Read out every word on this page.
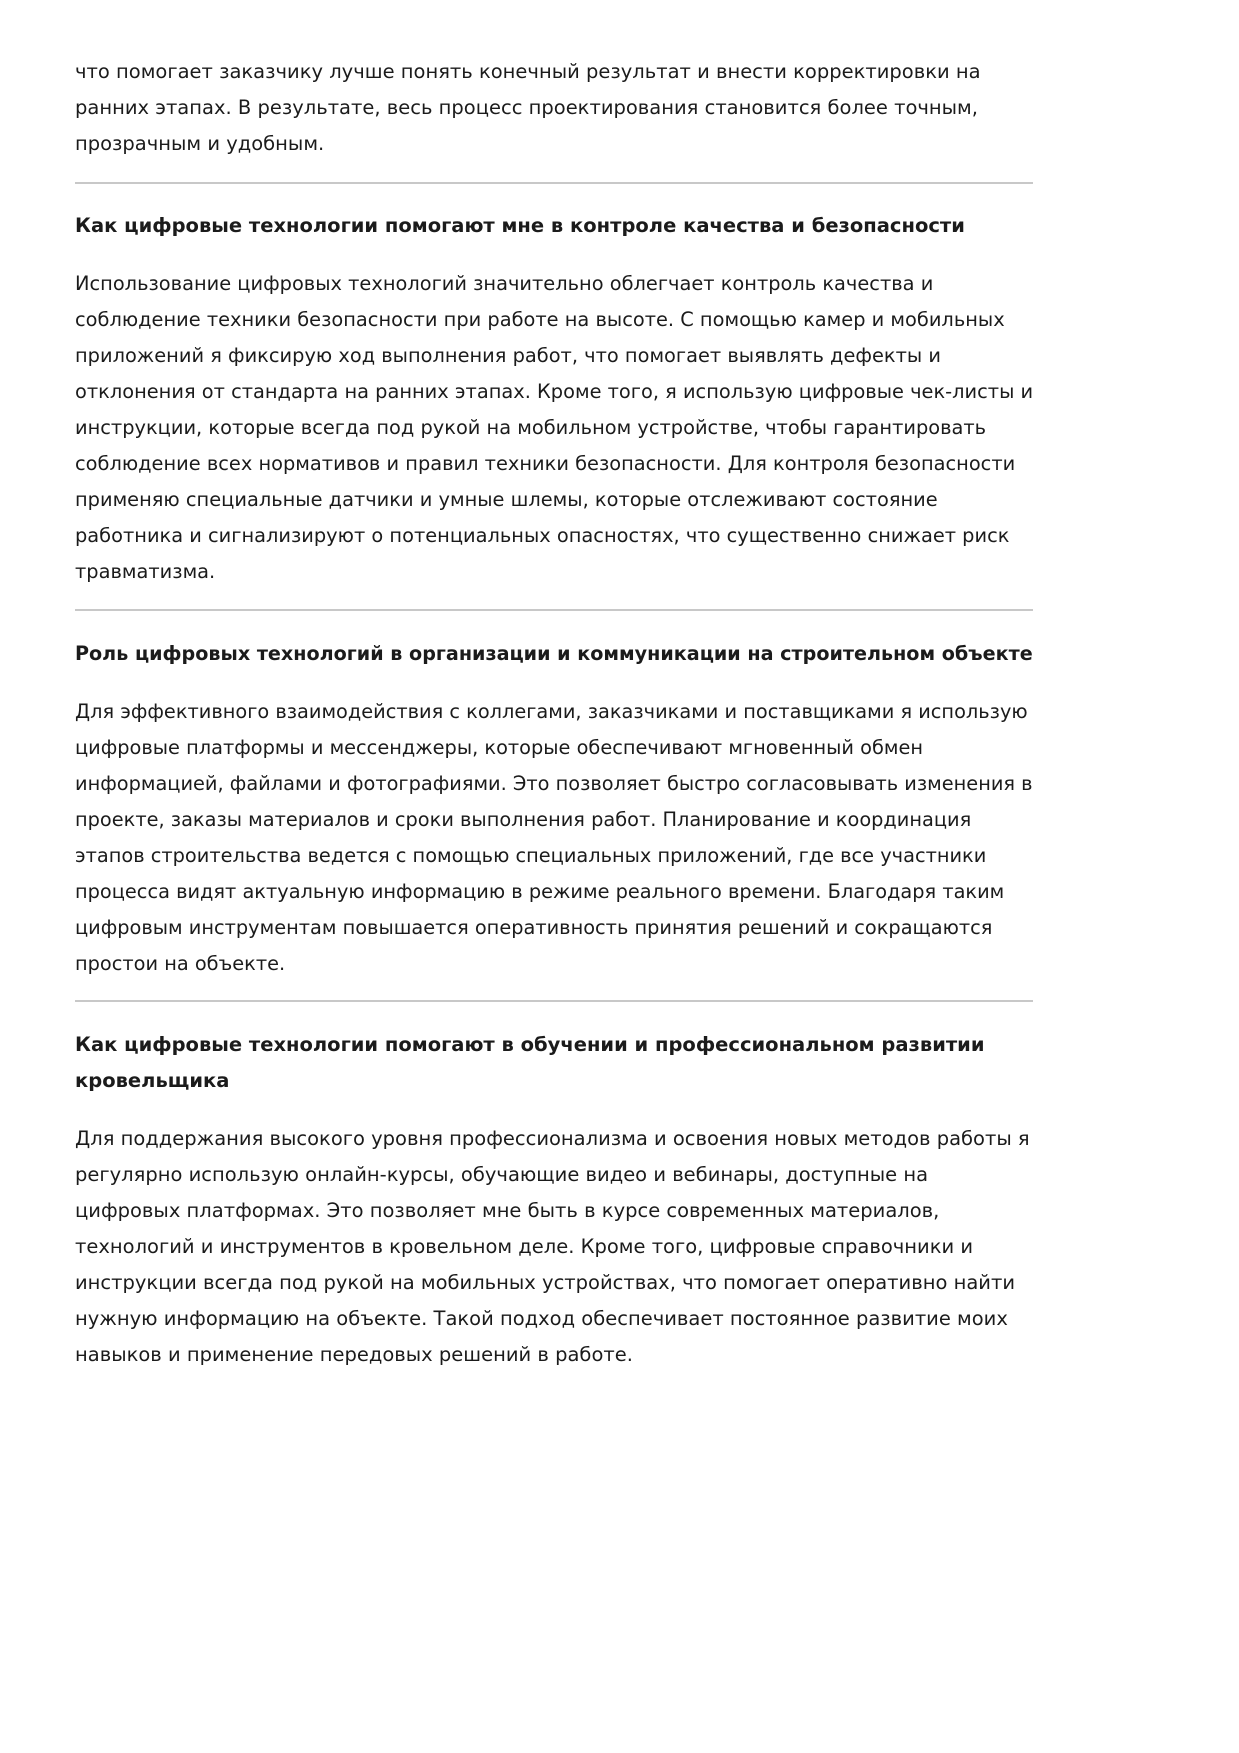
что помогает заказчику лучше понять конечный результат и внести корректировки на
ранних этапах. В результате, весь процесс проектирования становится более точным,
прозрачным и удобным.
Как цифровые технологии помогают мне в контроле качества и безопасности
Использование цифровых технологий значительно облегчает контроль качества и
соблюдение техники безопасности при работе на высоте. С помощью камер и мобильных
приложений я фиксирую ход выполнения работ, что помогает выявлять дефекты и
отклонения от стандарта на ранних этапах. Кроме того, я использую цифровые чек-листы и
инструкции, которые всегда под рукой на мобильном устройстве, чтобы гарантировать
соблюдение всех нормативов и правил техники безопасности. Для контроля безопасности
применяю специальные датчики и умные шлемы, которые отслеживают состояние
работника и сигнализируют о потенциальных опасностях, что существенно снижает риск
травматизма.
Роль цифровых технологий в организации и коммуникации на строительном объекте
Для эффективного взаимодействия с коллегами, заказчиками и поставщиками я использую
цифровые платформы и мессенджеры, которые обеспечивают мгновенный обмен
информацией, файлами и фотографиями. Это позволяет быстро согласовывать изменения в
проекте, заказы материалов и сроки выполнения работ. Планирование и координация
этапов строительства ведется с помощью специальных приложений, где все участники
процесса видят актуальную информацию в режиме реального времени. Благодаря таким
цифровым инструментам повышается оперативность принятия решений и сокращаются
простои на объекте.
Как цифровые технологии помогают в обучении и профессиональном развитии
кровельщика
Для поддержания высокого уровня профессионализма и освоения новых методов работы я
регулярно использую онлайн-курсы, обучающие видео и вебинары, доступные на
цифровых платформах. Это позволяет мне быть в курсе современных материалов,
технологий и инструментов в кровельном деле. Кроме того, цифровые справочники и
инструкции всегда под рукой на мобильных устройствах, что помогает оперативно найти
нужную информацию на объекте. Такой подход обеспечивает постоянное развитие моих
навыков и применение передовых решений в работе.
